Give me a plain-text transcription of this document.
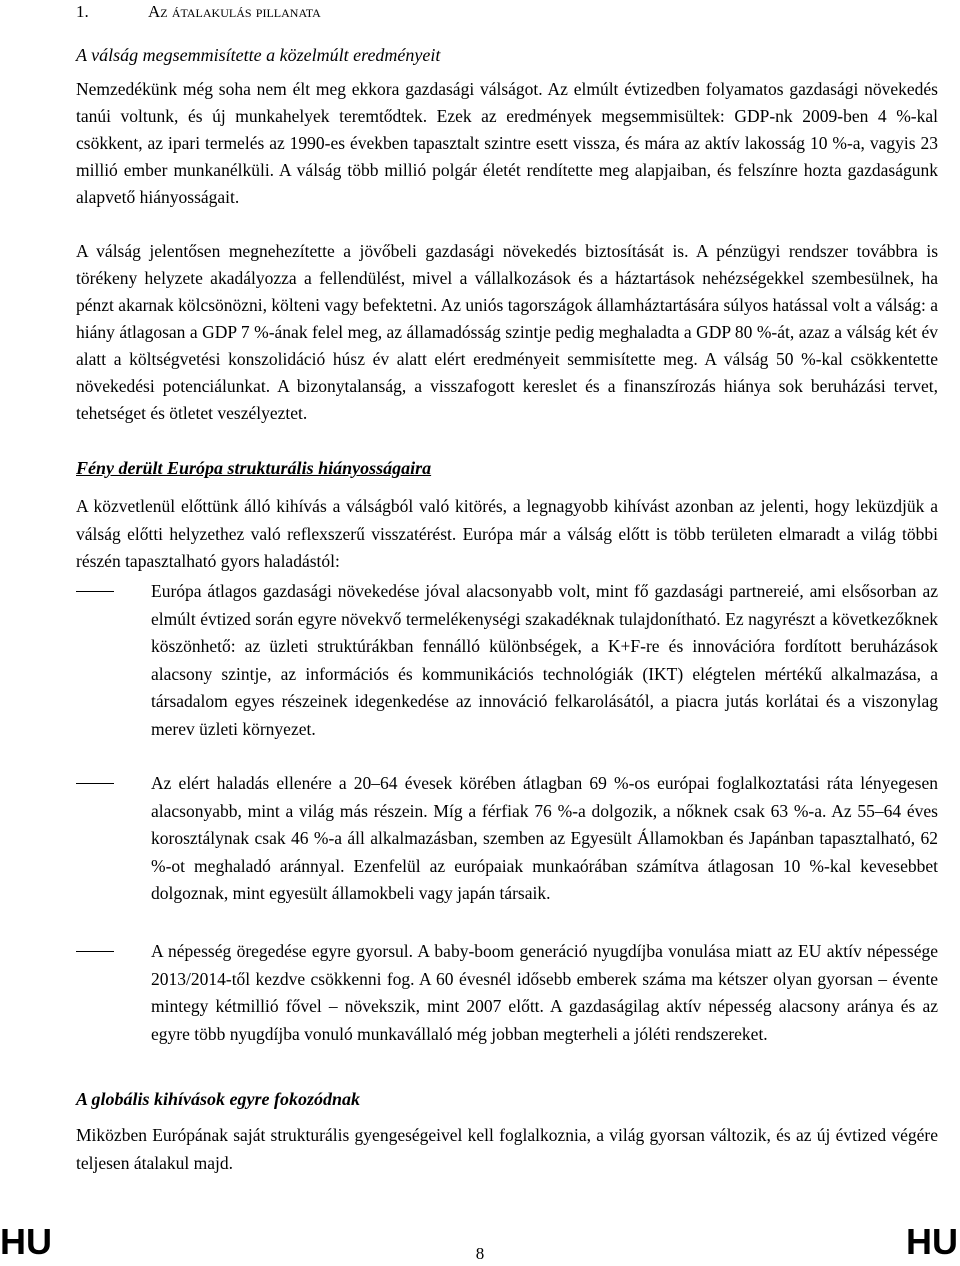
1.	Az átalakulás pillanata
A válság megsemmisítette a közelmúlt eredményeit
Nemzedékünk még soha nem élt meg ekkora gazdasági válságot. Az elmúlt évtizedben folyamatos gazdasági növekedés tanúi voltunk, és új munkahelyek teremtődtek. Ezek az eredmények megsemmisültek: GDP-nk 2009-ben 4 %-kal csökkent, az ipari termelés az 1990-es években tapasztalt szintre esett vissza, és mára az aktív lakosság 10 %-a, vagyis 23 millió ember munkanélküli. A válság több millió polgár életét rendítette meg alapjaiban, és felszínre hozta gazdaságunk alapvető hiányosságait.
A válság jelentősen megnehezítette a jövőbeli gazdasági növekedés biztosítását is. A pénzügyi rendszer továbbra is törékeny helyzete akadályozza a fellendülést, mivel a vállalkozások és a háztartások nehézségekkel szembesülnek, ha pénzt akarnak kölcsönözni, költeni vagy befektetni. Az uniós tagországok államháztartására súlyos hatással volt a válság: a hiány átlagosan a GDP 7 %-ának felel meg, az államadósság szintje pedig meghaladta a GDP 80 %-át, azaz a válság két év alatt a költségvetési konszolidáció húsz év alatt elért eredményeit semmisítette meg. A válság 50 %-kal csökkentette növekedési potenciálunkat. A bizonytalanság, a visszafogott kereslet és a finanszírozás hiánya sok beruházási tervet, tehetséget és ötletet veszélyeztet.
Fény derült Európa strukturális hiányosságaira
A közvetlenül előttünk álló kihívás a válságból való kitörés, a legnagyobb kihívást azonban az jelenti, hogy leküzdjük a válság előtti helyzethez való reflexszerű visszatérést. Európa már a válság előtt is több területen elmaradt a világ többi részén tapasztalható gyors haladástól:
Európa átlagos gazdasági növekedése jóval alacsonyabb volt, mint fő gazdasági partnereié, ami elsősorban az elmúlt évtized során egyre növekvő termelékenységi szakadéknak tulajdonítható. Ez nagyrészt a következőknek köszönhető: az üzleti struktúrákban fennálló különbségek, a K+F-re és innovációra fordított beruházások alacsony szintje, az információs és kommunikációs technológiák (IKT) elégtelen mértékű alkalmazása, a társadalom egyes részeinek idegenkedése az innováció felkarolásától, a piacra jutás korlátai és a viszonylag merev üzleti környezet.
Az elért haladás ellenére a 20–64 évesek körében átlagban 69 %-os európai foglalkoztatási ráta lényegesen alacsonyabb, mint a világ más részein. Míg a férfiak 76 %-a dolgozik, a nőknek csak 63 %-a. Az 55–64 éves korosztálynak csak 46 %-a áll alkalmazásban, szemben az Egyesült Államokban és Japánban tapasztalható, 62 %-ot meghaladó aránnyal. Ezenfelül az európaiak munkaórában számítva átlagosan 10 %-kal kevesebbet dolgoznak, mint egyesült államokbeli vagy japán társaik.
A népesség öregedése egyre gyorsul. A baby-boom generáció nyugdíjba vonulása miatt az EU aktív népessége 2013/2014-től kezdve csökkenni fog. A 60 évesnél idősebb emberek száma ma kétszer olyan gyorsan – évente mintegy kétmillió fővel – növekszik, mint 2007 előtt. A gazdaságilag aktív népesség alacsony aránya és az egyre több nyugdíjba vonuló munkavállaló még jobban megterheli a jóléti rendszereket.
A globális kihívások egyre fokozódnak
Miközben Európának saját strukturális gyengeségeivel kell foglalkoznia, a világ gyorsan változik, és az új évtized végére teljesen átalakul majd.
HU	8	HU
